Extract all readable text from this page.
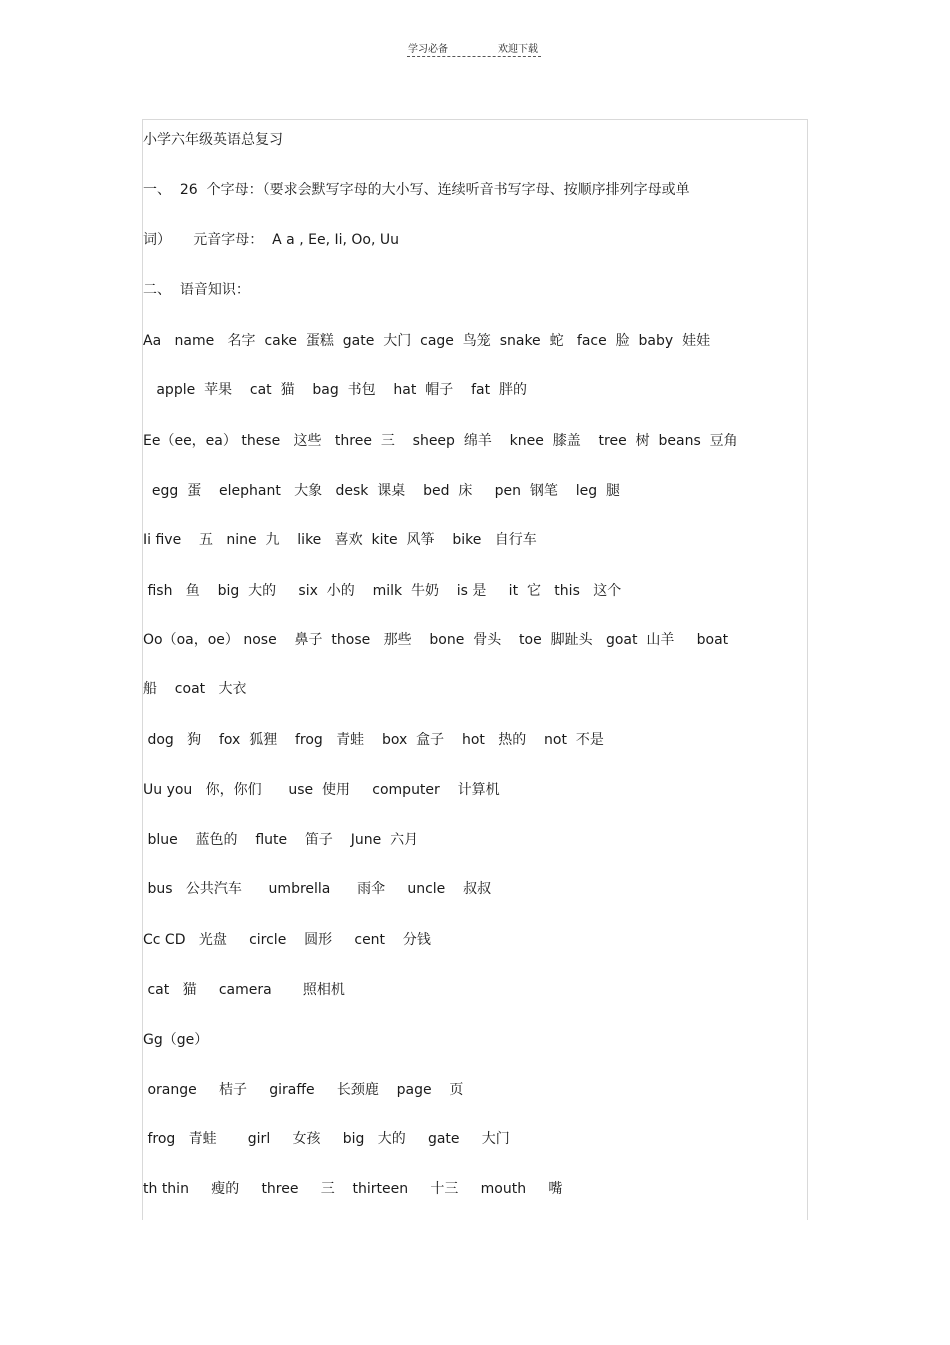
学习必备	欢迎下载
小学六年级英语总复习
一、  26  个字母：（要求会默写字母的大小写、连续听音书写字母、按顺序排列字母或单
词）     元音字母：  A a , Ee, Ii, Oo, Uu
二、  语音知识：
Aa   name   名字  cake  蛋糕  gate  大门  cage  鸟笼  snake  蛇   face  脸  baby  娃娃
apple  苹果    cat  猫    bag  书包    hat  帽子    fat  胖的
Ee（ee，ea） these   这些   three  三    sheep  绵羊    knee  膝盖    tree  树  beans  豆角
egg  蛋    elephant   大象   desk  课桌    bed  床     pen  钢笔    leg  腿
Ii five    五   nine  九    like   喜欢  kite  风筝    bike   自行车
fish   鱼    big  大的     six  小的    milk  牛奶    is 是     it  它   this   这个
Oo（oa，oe） nose    鼻子  those   那些    bone  骨头    toe  脚趾头   goat  山羊     boat
船    coat   大衣
dog   狗    fox  狐狸    frog   青蛙    box  盒子    hot   热的    not  不是
Uu you   你，你们      use  使用     computer    计算机
blue    蓝色的    flute    笛子    June  六月
bus   公共汽车      umbrella      雨伞     uncle    叔叔
Cc CD   光盘     circle    圆形     cent    分钱
cat   猫     camera       照相机
Gg（ge）
orange     桔子     giraffe     长颈鹿    page    页
frog   青蛙       girl     女孩     big   大的     gate     大门
th thin     瘦的     three     三    thirteen     十三     mouth     嘴
